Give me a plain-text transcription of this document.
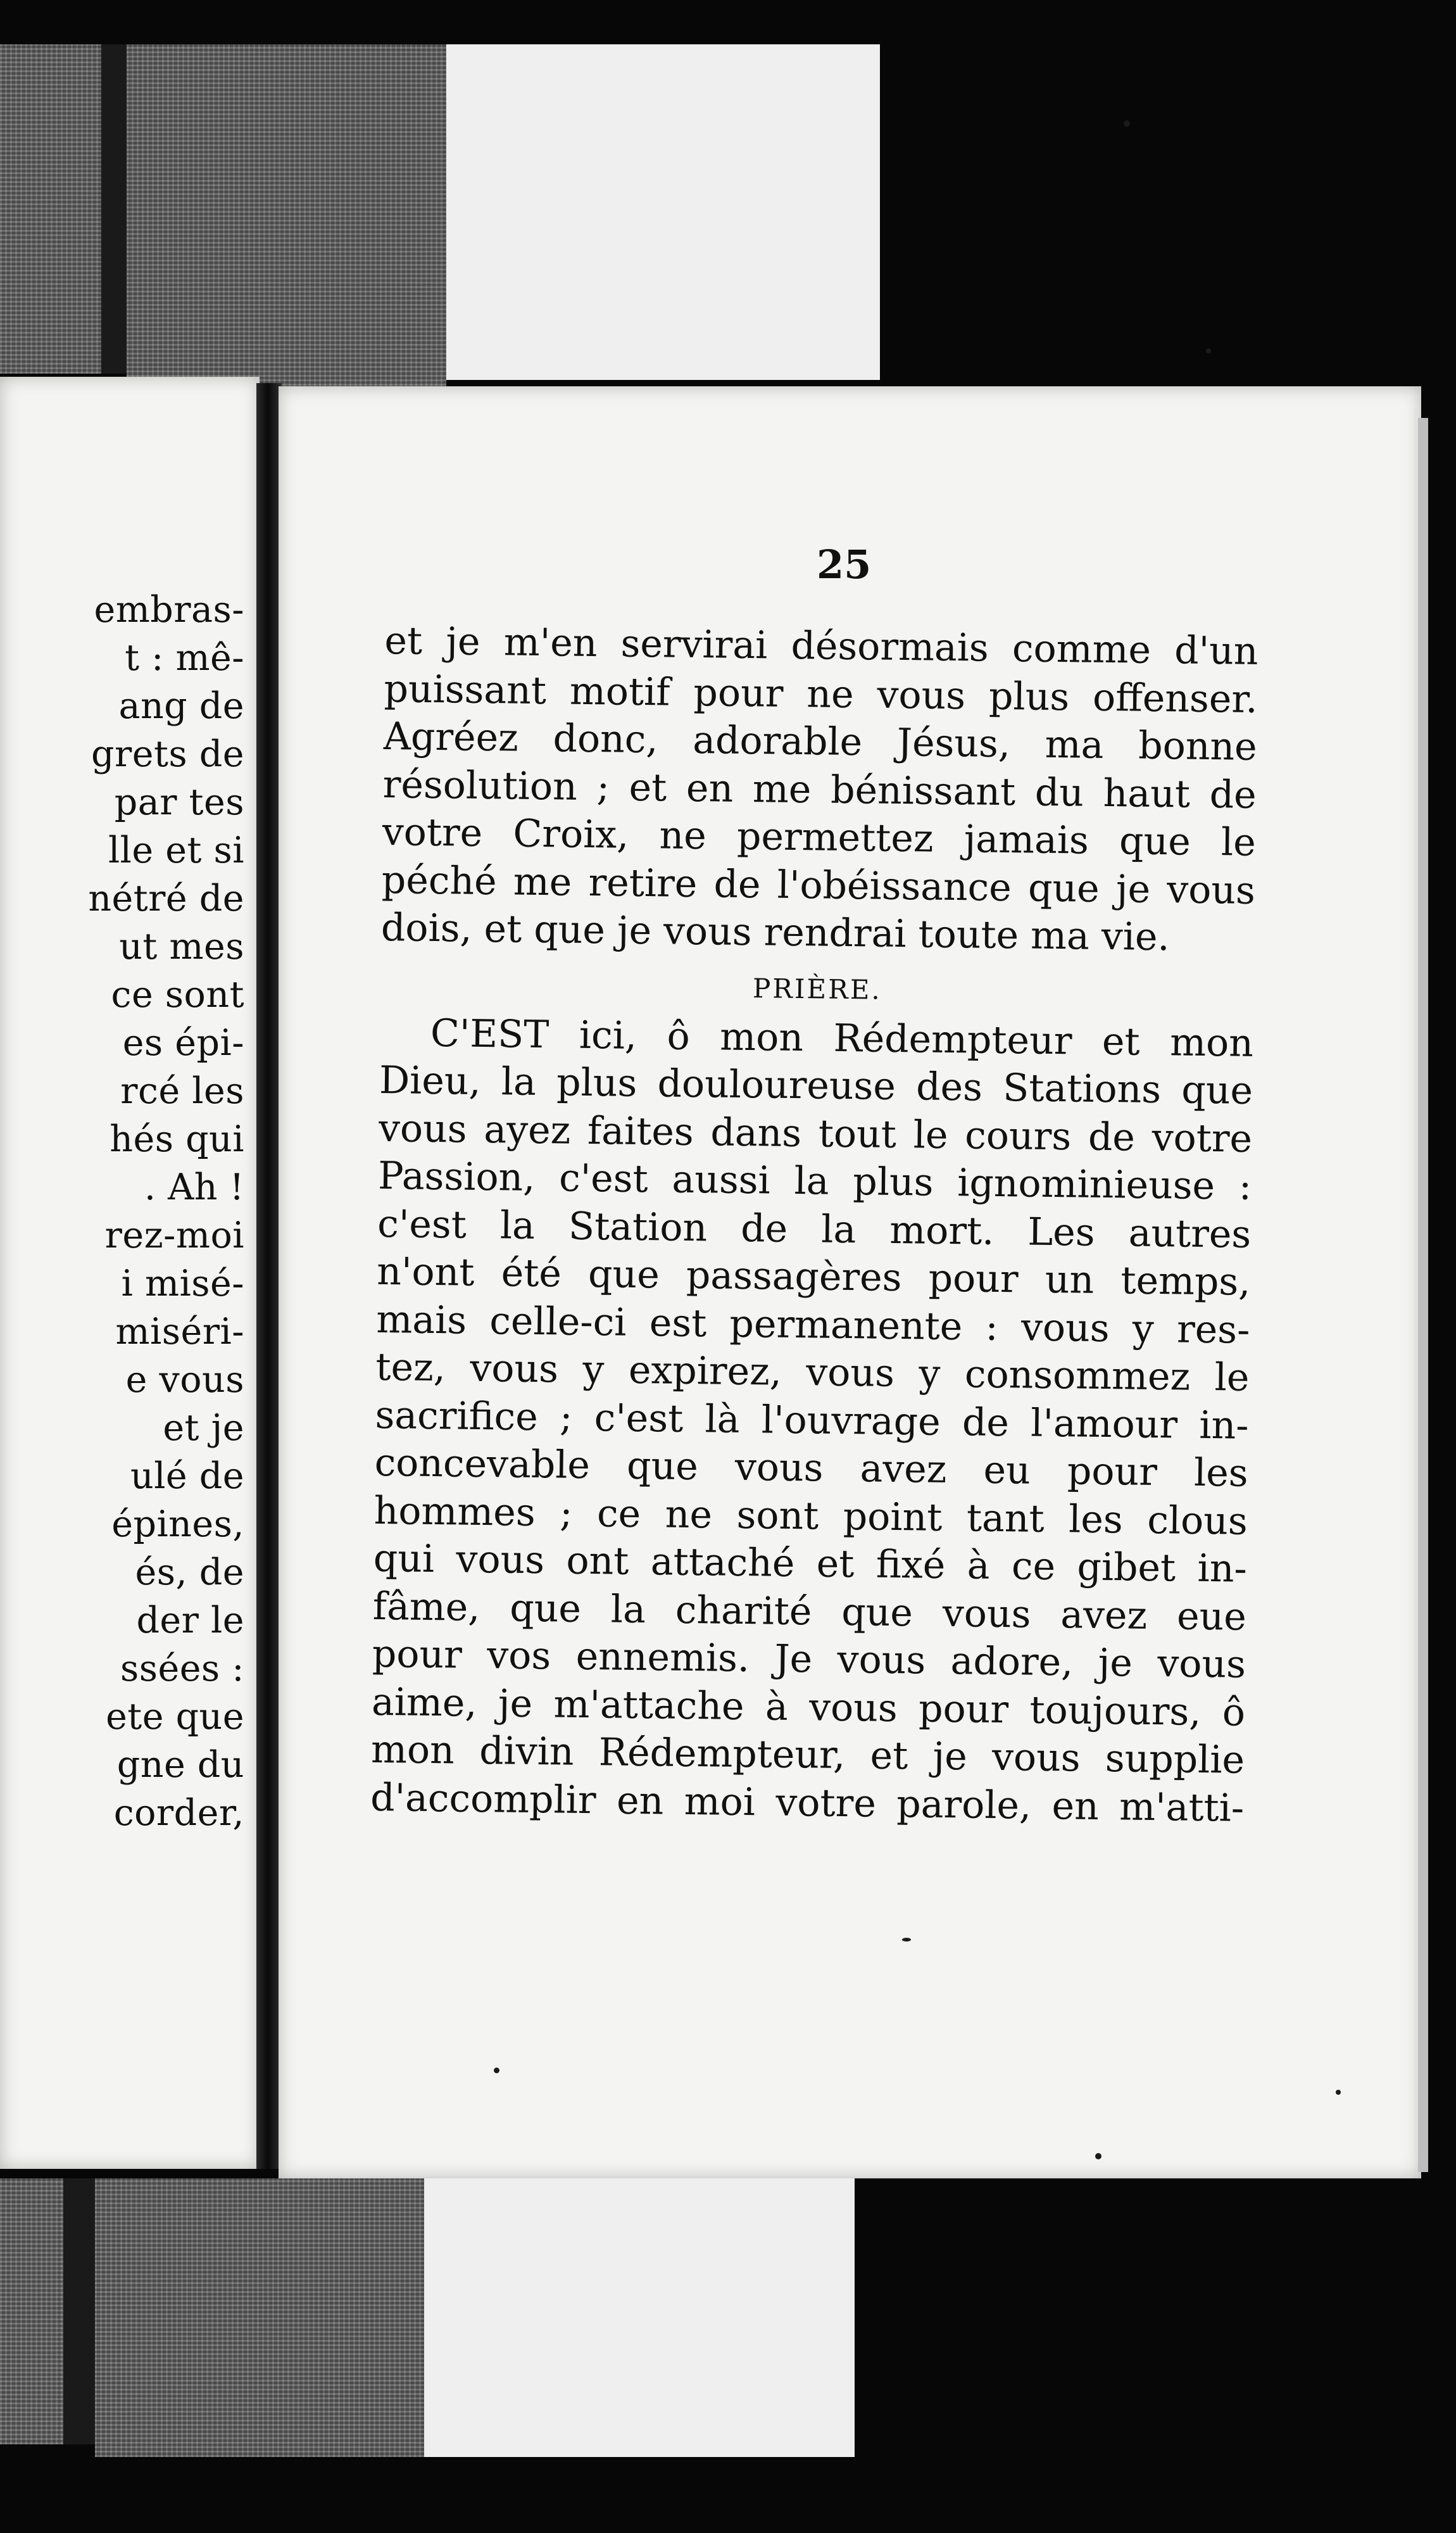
embras-
t : mê-
ang de
grets de
par tes
lle et si
nétré de
ut mes
ce sont
es épi-
rcé les
hés qui
. Ah !
rez-moi
i misé-
miséri-
e vous
et je
ulé de
épines,
és, de
der le
ssées :
ete que
gne du
corder,
25
et je m'en servirai désormais comme d'un
puissant motif pour ne vous plus offenser.
Agréez donc, adorable Jésus, ma bonne
résolution ; et en me bénissant du haut de
votre Croix, ne permettez jamais que le
péché me retire de l'obéissance que je vous
dois, et que je vous rendrai toute ma vie.
PRIÈRE.
C'EST ici, ô mon Rédempteur et mon
Dieu, la plus douloureuse des Stations que
vous ayez faites dans tout le cours de votre
Passion, c'est aussi la plus ignominieuse :
c'est la Station de la mort. Les autres
n'ont été que passagères pour un temps,
mais celle-ci est permanente : vous y res-
tez, vous y expirez, vous y consommez le
sacrifice ; c'est là l'ouvrage de l'amour in-
concevable que vous avez eu pour les
hommes ; ce ne sont point tant les clous
qui vous ont attaché et fixé à ce gibet in-
fâme, que la charité que vous avez eue
pour vos ennemis. Je vous adore, je vous
aime, je m'attache à vous pour toujours, ô
mon divin Rédempteur, et je vous supplie
d'accomplir en moi votre parole, en m'atti-
